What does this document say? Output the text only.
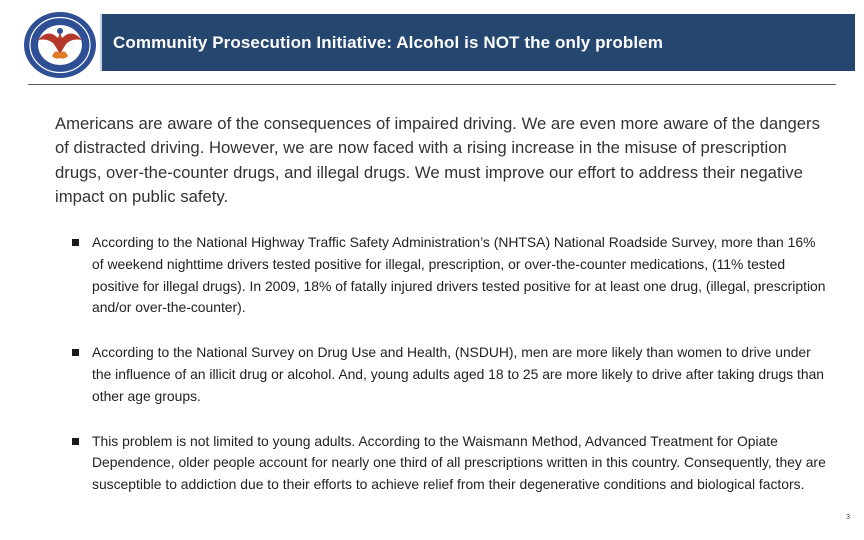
Community Prosecution Initiative: Alcohol is NOT the only problem

Americans are aware of the consequences of impaired driving. We are even more aware of the dangers of distracted driving. However, we are now faced with a rising increase in the misuse of prescription drugs, over-the-counter drugs, and illegal drugs. We must improve our effort to address their negative impact on public safety.

According to the National Highway Traffic Safety Administration’s (NHTSA) National Roadside Survey, more than 16% of weekend nighttime drivers tested positive for illegal, prescription, or over-the-counter medications, (11% tested positive for illegal drugs). In 2009, 18% of fatally injured drivers tested positive for at least one drug, (illegal, prescription and/or over-the-counter).
According to the National Survey on Drug Use and Health, (NSDUH), men are more likely than women to drive under the influence of an illicit drug or alcohol. And, young adults aged 18 to 25 are more likely to drive after taking drugs than other age groups.
This problem is not limited to young adults. According to the Waismann Method, Advanced Treatment for Opiate Dependence, older people account for nearly one third of all prescriptions written in this country. Consequently, they are susceptible to addiction due to their efforts to achieve relief from their degenerative conditions and biological factors.
3
